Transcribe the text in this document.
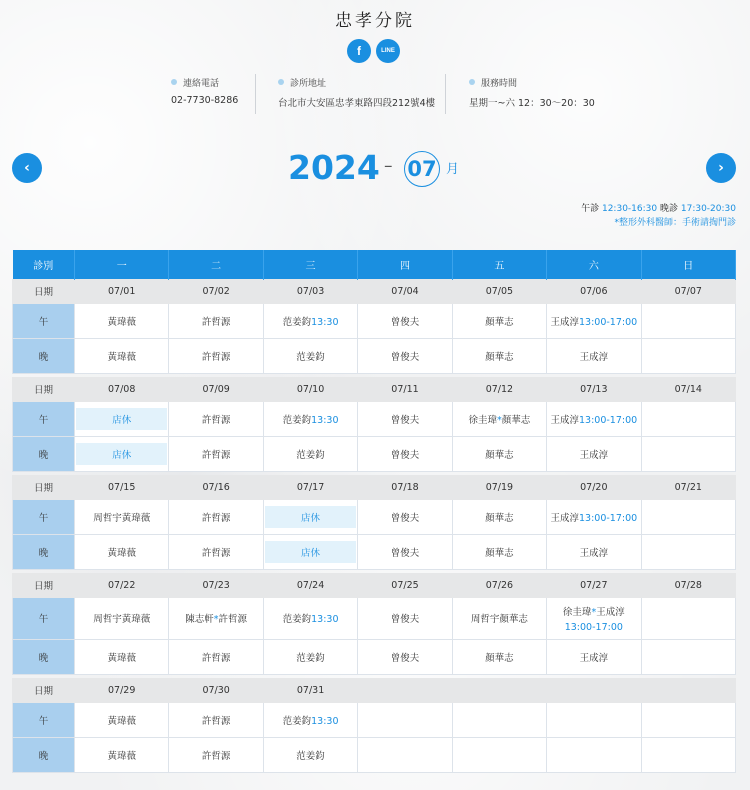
忠孝分院
f	LINE
連絡電話
02-7730-8286
診所地址
台北市大安區忠孝東路四段212號4樓
服務時間
星期一~六 12：30～20：30
‹	›
2024 – 07 月
午診 12:30-16:30 晚診 17:30-20:30
*整形外科醫師：手術請掏門診
診別	一	二	三	四	五	六	日
日期	07/01	07/02	07/03	07/04	07/05	07/06	07/07
午	黃瑋薇	許哲源	范姜鈞13:30	曾俊夫	顏華志	王成淳13:00-17:00	
晚	黃瑋薇	許哲源	范姜鈞	曾俊夫	顏華志	王成淳	

日期	07/08	07/09	07/10	07/11	07/12	07/13	07/14
午	店休	許哲源	范姜鈞13:30	曾俊夫	徐圭瑋*顏華志	王成淳13:00-17:00	
晚	店休	許哲源	范姜鈞	曾俊夫	顏華志	王成淳	

日期	07/15	07/16	07/17	07/18	07/19	07/20	07/21
午	周哲宇黃瑋薇	許哲源	店休	曾俊夫	顏華志	王成淳13:00-17:00	
晚	黃瑋薇	許哲源	店休	曾俊夫	顏華志	王成淳	

日期	07/22	07/23	07/24	07/25	07/26	07/27	07/28
午	周哲宇黃瑋薇	陳志軒*許哲源	范姜鈞13:30	曾俊夫	周哲宇顏華志	徐圭瑋*王成淳
13:00-17:00	

晚	黃瑋薇	許哲源	范姜鈞	曾俊夫	顏華志	王成淳	

日期	07/29	07/30	07/31				
午	黃瑋薇	許哲源	范姜鈞13:30				
晚	黃瑋薇	許哲源	范姜鈞				
